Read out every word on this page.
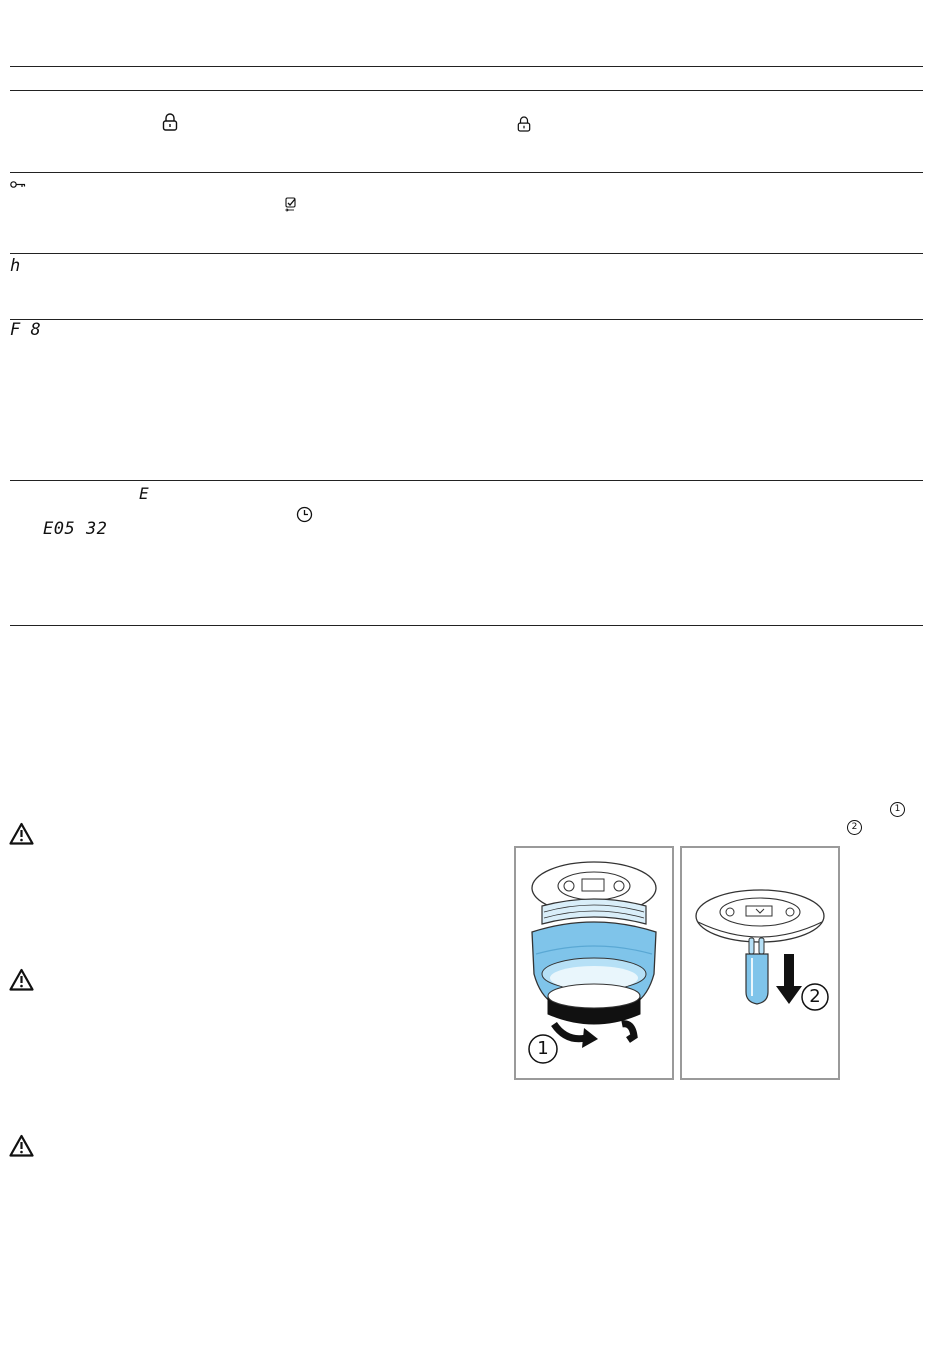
h
F 8
E
E05 32
1
2
1
2
